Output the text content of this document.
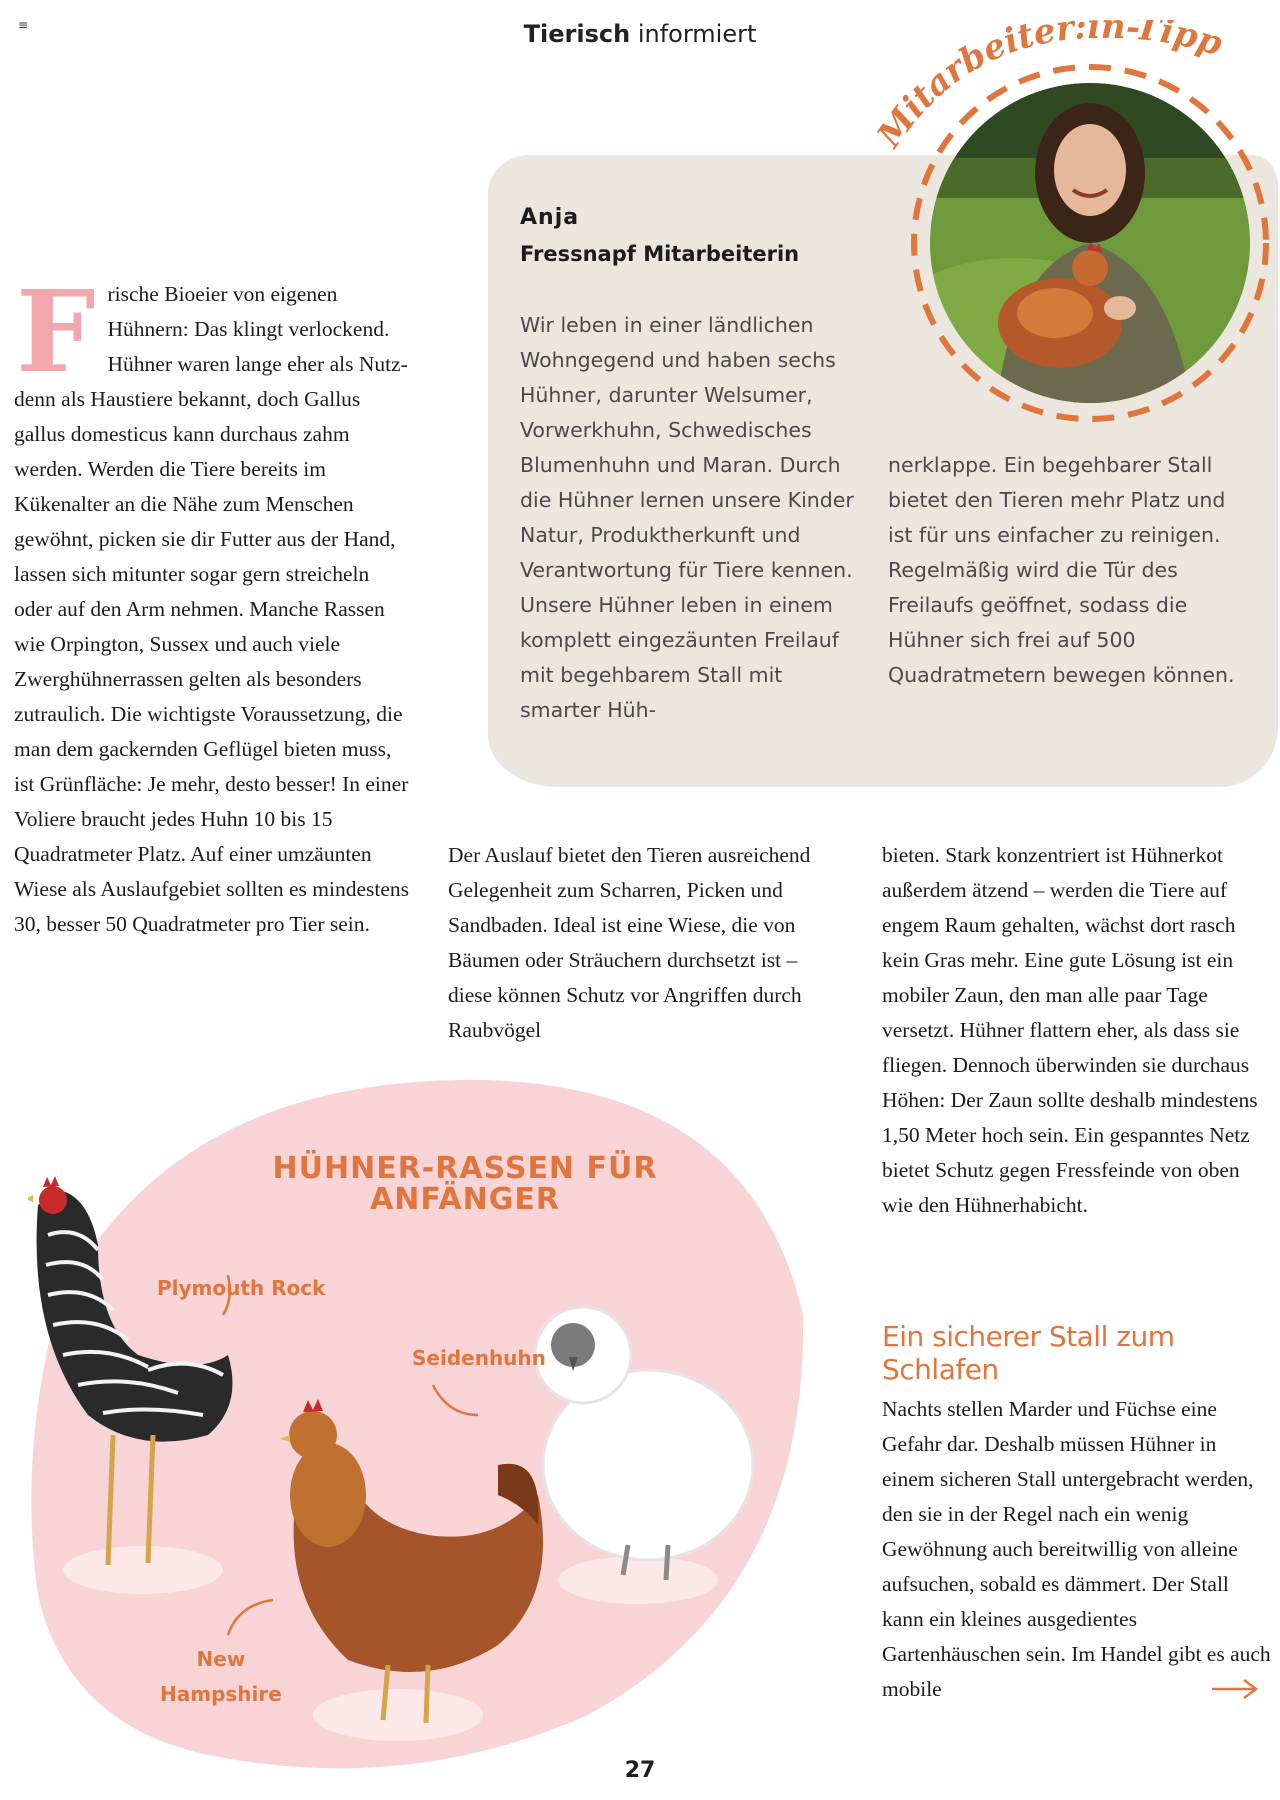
≡	Tierisch informiert
F rische Bioeier von eigenen Hühnern: Das klingt verlockend. Hühner waren lange eher als Nutz- denn als Haustiere bekannt, doch Gallus gallus domesticus kann durchaus zahm werden. Werden die Tiere bereits im Kükenalter an die Nähe zum Menschen gewöhnt, picken sie dir Futter aus der Hand, lassen sich mitunter sogar gern streicheln oder auf den Arm nehmen. Manche Rassen wie Orpington, Sussex und auch viele Zwerghühnerrassen gelten als besonders zutraulich. Die wichtigste Voraussetzung, die man dem gackernden Geflügel bieten muss, ist Grünfläche: Je mehr, desto besser! In einer Voliere braucht jedes Huhn 10 bis 15 Quadratmeter Platz. Auf einer umzäunten Wiese als Auslaufgebiet sollten es mindestens 30, besser 50 Quadratmeter pro Tier sein.

Anja
Fressnapf Mitarbeiterin
Wir leben in einer ländlichen Wohngegend und haben sechs Hühner, darunter Welsumer, Vorwerkhuhn, Schwedisches Blumenhuhn und Maran. Durch die Hühner lernen unsere Kinder Natur, Produktherkunft und Verantwortung für Tiere kennen. Unsere Hühner leben in einem komplett eingezäunten Freilauf mit begehbarem Stall mit smarter Hüh-
nerklappe. Ein begehbarer Stall bietet den Tieren mehr Platz und ist für uns einfacher zu reinigen. Regelmäßig wird die Tür des Freilaufs geöffnet, sodass die Hühner sich frei auf 500 Quadratmetern bewegen können.
Mitarbeiter:in-Tipp

Der Auslauf bietet den Tieren ausreichend Gelegenheit zum Scharren, Picken und Sandbaden. Ideal ist eine Wiese, die von Bäumen oder Sträuchern durchsetzt ist – diese können Schutz vor Angriffen durch Raubvögel

bieten. Stark konzentriert ist Hühnerkot außerdem ätzend – werden die Tiere auf engem Raum gehalten, wächst dort rasch kein Gras mehr. Eine gute Lösung ist ein mobiler Zaun, den man alle paar Tage versetzt. Hühner flattern eher, als dass sie fliegen. Dennoch überwinden sie durchaus Höhen: Der Zaun sollte deshalb mindestens 1,50 Meter hoch sein. Ein gespanntes Netz bietet Schutz gegen Fressfeinde von oben wie den Hühnerhabicht.

Ein sicherer Stall zum Schlafen

Nachts stellen Marder und Füchse eine Gefahr dar. Deshalb müssen Hühner in einem sicheren Stall untergebracht werden, den sie in der Regel nach ein wenig Gewöhnung auch bereitwillig von alleine aufsuchen, sobald es dämmert. Der Stall kann ein kleines ausgedientes Gartenhäuschen sein. Im Handel gibt es auch mobile

HÜHNER-RASSEN FÜR
ANFÄNGER
Plymouth Rock
Seidenhuhn
New
Hampshire
27
